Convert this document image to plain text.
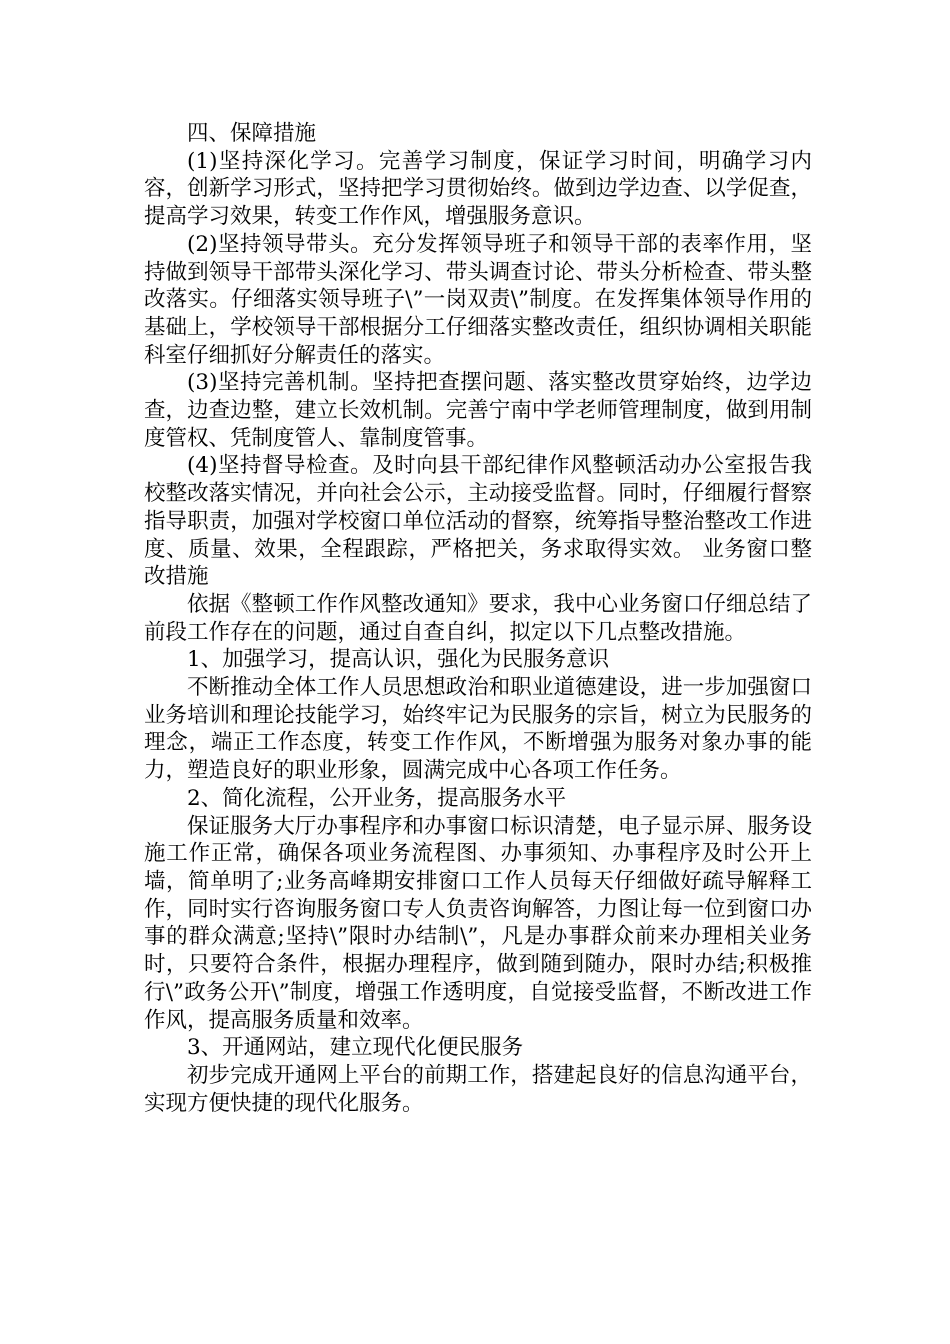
四、保障措施

(1)坚持深化学习。完善学习制度，保证学习时间，明确学习内容，创新学习形式，坚持把学习贯彻始终。做到边学边查、以学促查，提高学习效果，转变工作作风，增强服务意识。

(2)坚持领导带头。充分发挥领导班子和领导干部的表率作用，坚持做到领导干部带头深化学习、带头调查讨论、带头分析检查、带头整改落实。仔细落实领导班子\”一岗双责\”制度。在发挥集体领导作用的基础上，学校领导干部根据分工仔细落实整改责任，组织协调相关职能科室仔细抓好分解责任的落实。

(3)坚持完善机制。坚持把查摆问题、落实整改贯穿始终，边学边查，边查边整，建立长效机制。完善宁南中学老师管理制度，做到用制度管权、凭制度管人、靠制度管事。

(4)坚持督导检查。及时向县干部纪律作风整顿活动办公室报告我校整改落实情况，并向社会公示，主动接受监督。同时，仔细履行督察指导职责，加强对学校窗口单位活动的督察，统筹指导整治整改工作进度、质量、效果，全程跟踪，严格把关，务求取得实效。 业务窗口整改措施

依据《整顿工作作风整改通知》要求，我中心业务窗口仔细总结了前段工作存在的问题，通过自查自纠，拟定以下几点整改措施。

1、加强学习，提高认识，强化为民服务意识

不断推动全体工作人员思想政治和职业道德建设，进一步加强窗口业务培训和理论技能学习，始终牢记为民服务的宗旨，树立为民服务的理念，端正工作态度，转变工作作风，不断增强为服务对象办事的能力，塑造良好的职业形象，圆满完成中心各项工作任务。

2、简化流程，公开业务，提高服务水平

保证服务大厅办事程序和办事窗口标识清楚，电子显示屏、服务设施工作正常，确保各项业务流程图、办事须知、办事程序及时公开上墙，简单明了;业务高峰期安排窗口工作人员每天仔细做好疏导解释工作，同时实行咨询服务窗口专人负责咨询解答，力图让每一位到窗口办事的群众满意;坚持\”限时办结制\”，凡是办事群众前来办理相关业务时，只要符合条件，根据办理程序，做到随到随办，限时办结;积极推行\”政务公开\”制度，增强工作透明度，自觉接受监督，不断改进工作作风，提高服务质量和效率。

3、开通网站，建立现代化便民服务

初步完成开通网上平台的前期工作，搭建起良好的信息沟通平台，实现方便快捷的现代化服务。
